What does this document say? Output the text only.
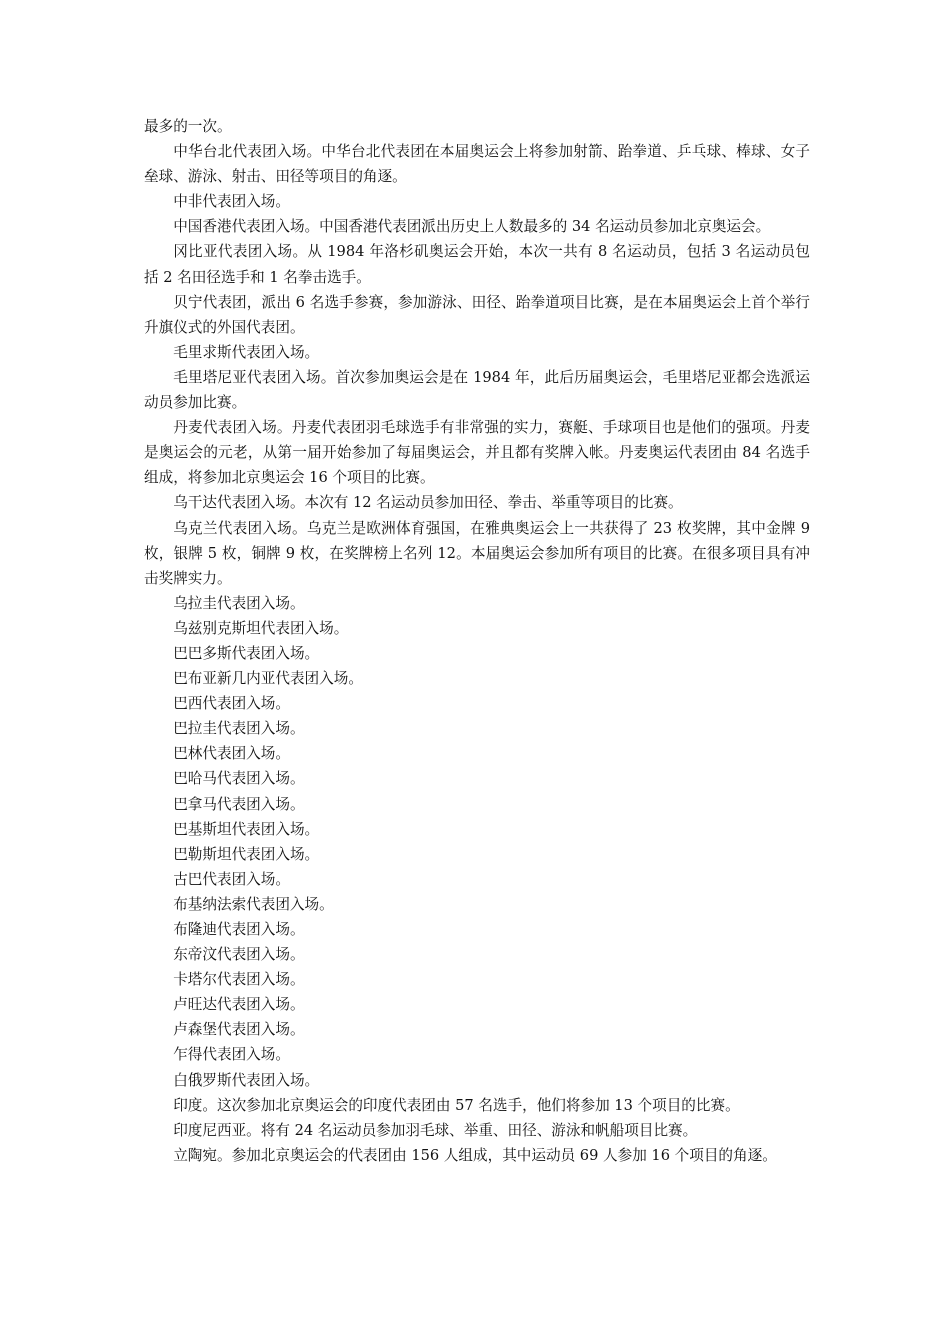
最多的一次。

中华台北代表团入场。中华台北代表团在本届奥运会上将参加射箭、跆拳道、乒乓球、棒球、女子垒球、游泳、射击、田径等项目的角逐。

中非代表团入场。

中国香港代表团入场。中国香港代表团派出历史上人数最多的 34 名运动员参加北京奥运会。

冈比亚代表团入场。从 1984 年洛杉矶奥运会开始，本次一共有 8 名运动员，包括 3 名运动员包括 2 名田径选手和 1 名拳击选手。

贝宁代表团，派出 6 名选手参赛，参加游泳、田径、跆拳道项目比赛，是在本届奥运会上首个举行升旗仪式的外国代表团。

毛里求斯代表团入场。

毛里塔尼亚代表团入场。首次参加奥运会是在 1984 年，此后历届奥运会，毛里塔尼亚都会选派运动员参加比赛。

丹麦代表团入场。丹麦代表团羽毛球选手有非常强的实力，赛艇、手球项目也是他们的强项。丹麦是奥运会的元老，从第一届开始参加了每届奥运会，并且都有奖牌入帐。丹麦奥运代表团由 84 名选手组成，将参加北京奥运会 16 个项目的比赛。

乌干达代表团入场。本次有 12 名运动员参加田径、拳击、举重等项目的比赛。

乌克兰代表团入场。乌克兰是欧洲体育强国，在雅典奥运会上一共获得了 23 枚奖牌，其中金牌 9 枚，银牌 5 枚，铜牌 9 枚，在奖牌榜上名列 12。本届奥运会参加所有项目的比赛。在很多项目具有冲击奖牌实力。

乌拉圭代表团入场。

乌兹别克斯坦代表团入场。

巴巴多斯代表团入场。

巴布亚新几内亚代表团入场。

巴西代表团入场。

巴拉圭代表团入场。

巴林代表团入场。

巴哈马代表团入场。

巴拿马代表团入场。

巴基斯坦代表团入场。

巴勒斯坦代表团入场。

古巴代表团入场。

布基纳法索代表团入场。

布隆迪代表团入场。

东帝汶代表团入场。

卡塔尔代表团入场。

卢旺达代表团入场。

卢森堡代表团入场。

乍得代表团入场。

白俄罗斯代表团入场。

印度。这次参加北京奥运会的印度代表团由 57 名选手，他们将参加 13 个项目的比赛。

印度尼西亚。将有 24 名运动员参加羽毛球、举重、田径、游泳和帆船项目比赛。

立陶宛。参加北京奥运会的代表团由 156 人组成，其中运动员 69 人参加 16 个项目的角逐。
